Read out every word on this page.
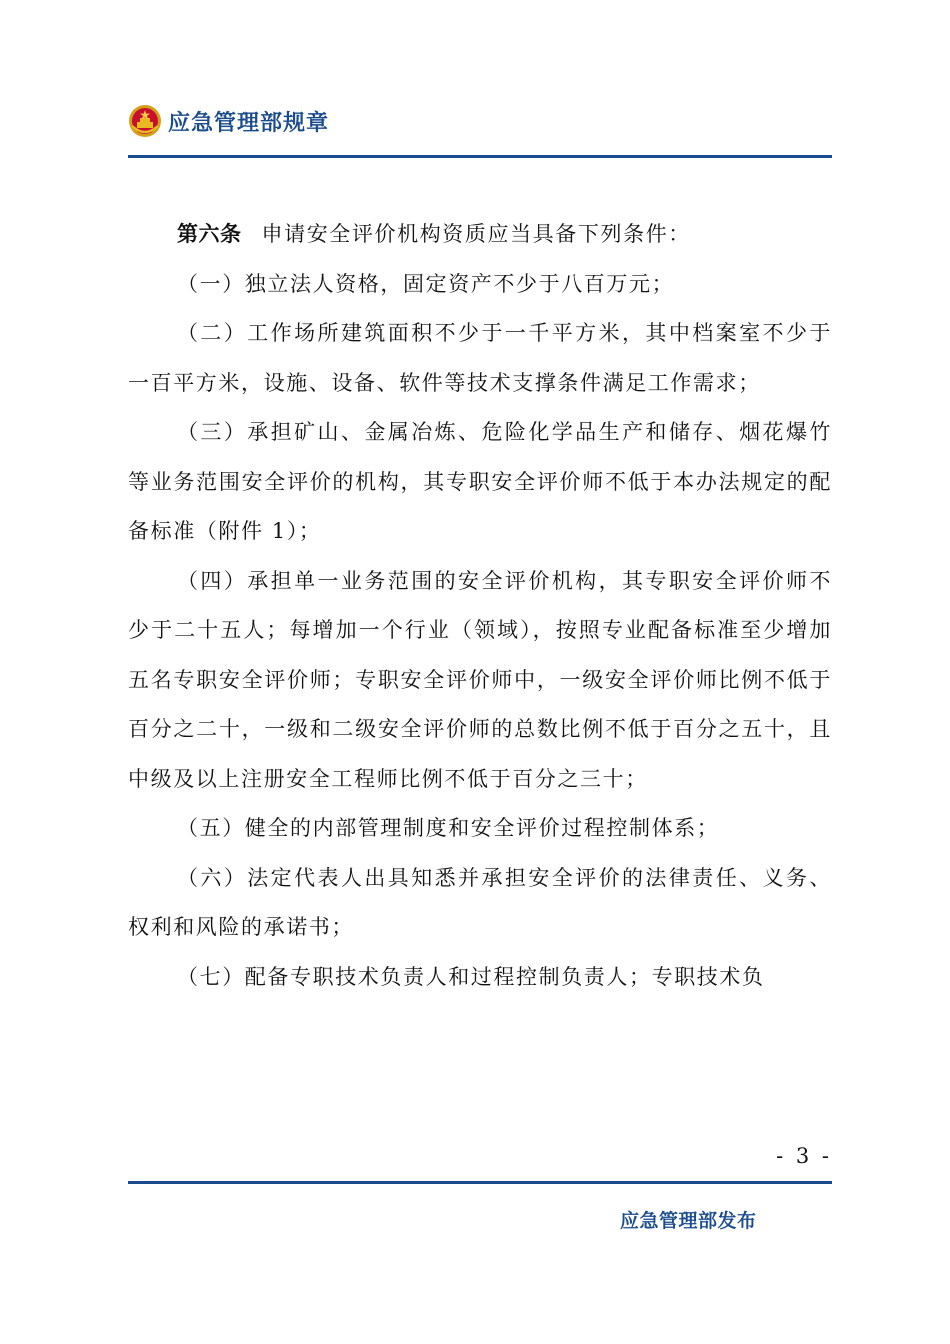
应急管理部规章

第六条 申请安全评价机构资质应当具备下列条件：

（一）独立法人资格，固定资产不少于八百万元；

（二）工作场所建筑面积不少于一千平方米，其中档案室不少于一百平方米，设施、设备、软件等技术支撑条件满足工作需求；

（三）承担矿山、金属冶炼、危险化学品生产和储存、烟花爆竹等业务范围安全评价的机构，其专职安全评价师不低于本办法规定的配备标准（附件 1）；

（四）承担单一业务范围的安全评价机构，其专职安全评价师不少于二十五人；每增加一个行业（领域），按照专业配备标准至少增加五名专职安全评价师；专职安全评价师中，一级安全评价师比例不低于百分之二十，一级和二级安全评价师的总数比例不低于百分之五十，且中级及以上注册安全工程师比例不低于百分之三十；

（五）健全的内部管理制度和安全评价过程控制体系；

（六）法定代表人出具知悉并承担安全评价的法律责任、义务、权利和风险的承诺书；

（七）配备专职技术负责人和过程控制负责人；专职技术负

- 3 -
应急管理部发布
